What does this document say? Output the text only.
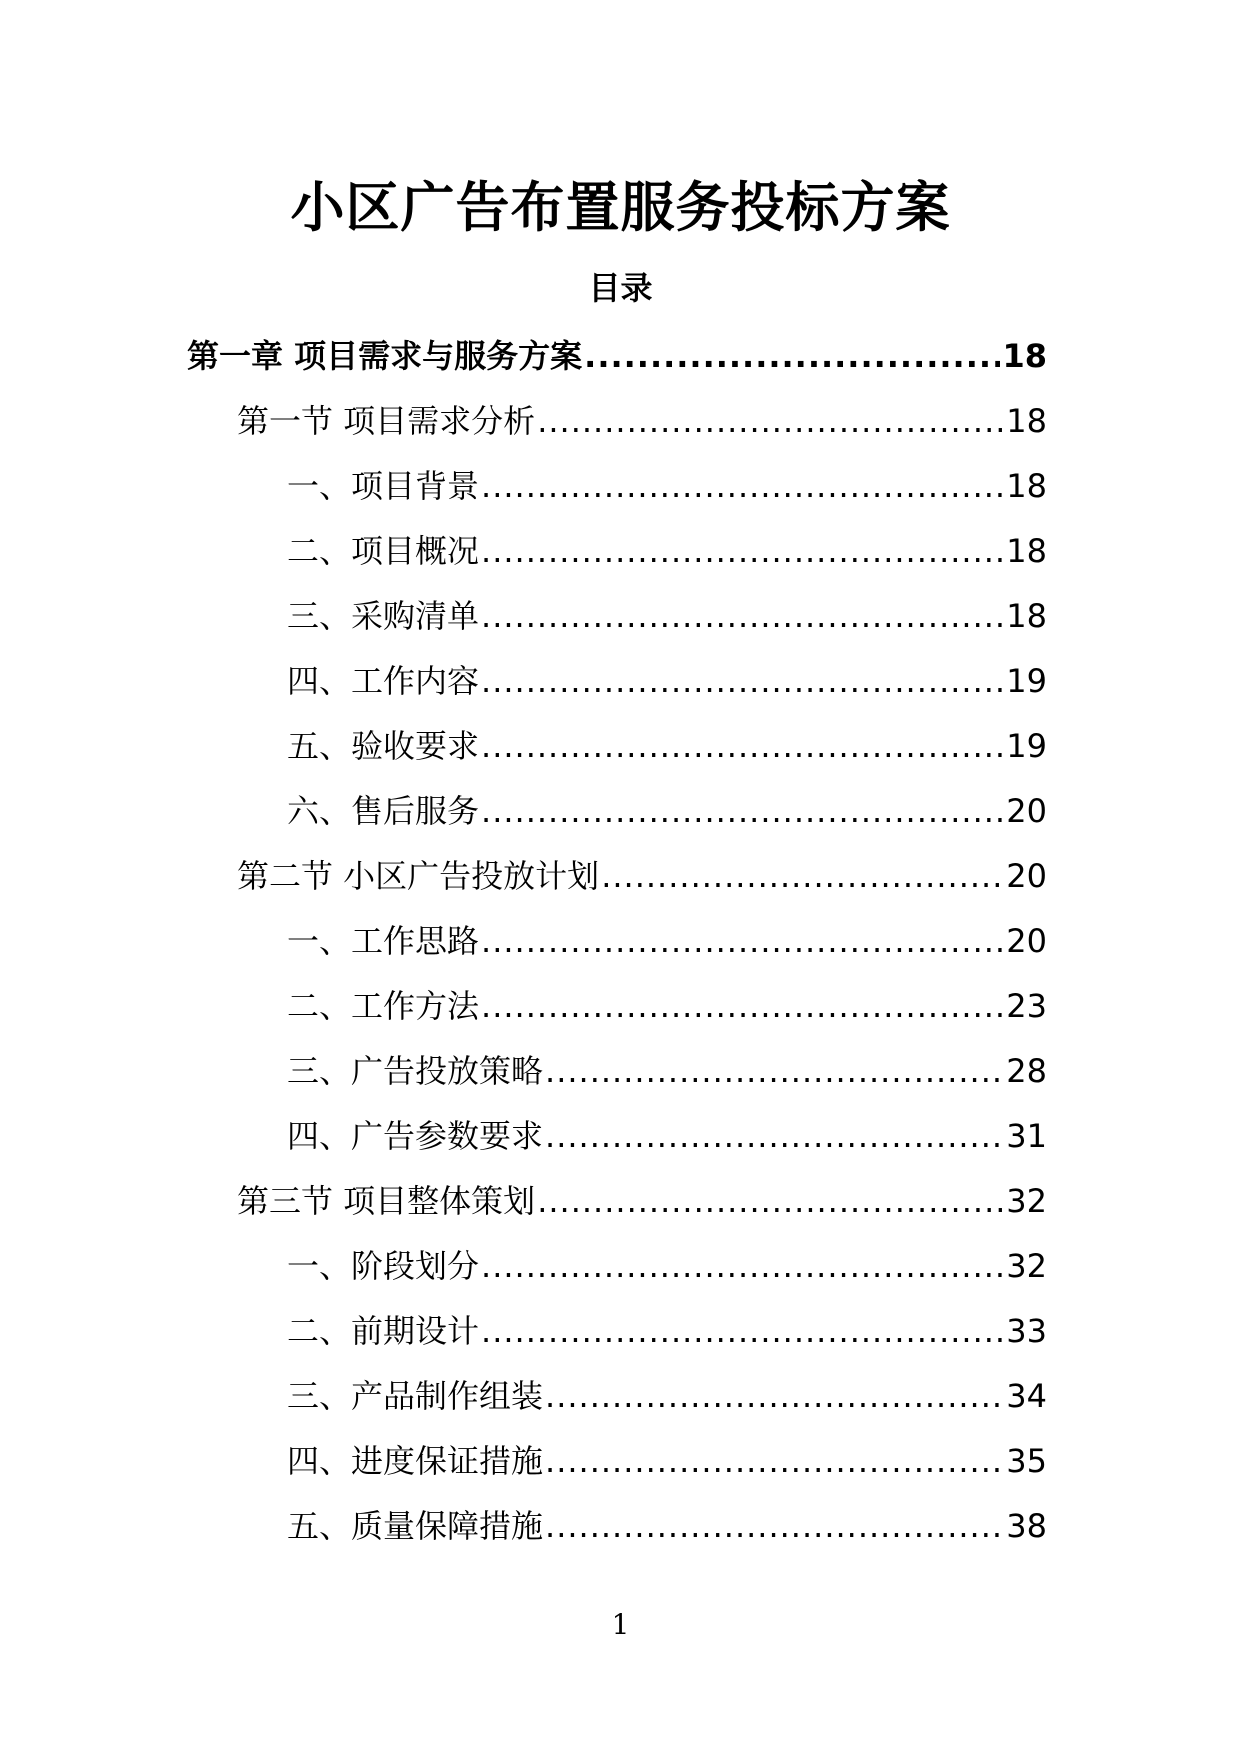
小区广告布置服务投标方案
目录
第一章 项目需求与服务方案 .....	18
第一节 项目需求分析 .....	18
一、项目背景 .....	18
二、项目概况 .....	18
三、采购清单 .....	18
四、工作内容 .....	19
五、验收要求 .....	19
六、售后服务 .....	20
第二节 小区广告投放计划 .....	20
一、工作思路 .....	20
二、工作方法 .....	23
三、广告投放策略 .....	28
四、广告参数要求 .....	31
第三节 项目整体策划 .....	32
一、阶段划分 .....	32
二、前期设计 .....	33
三、产品制作组装 .....	34
四、进度保证措施 .....	35
五、质量保障措施 .....	38
1
